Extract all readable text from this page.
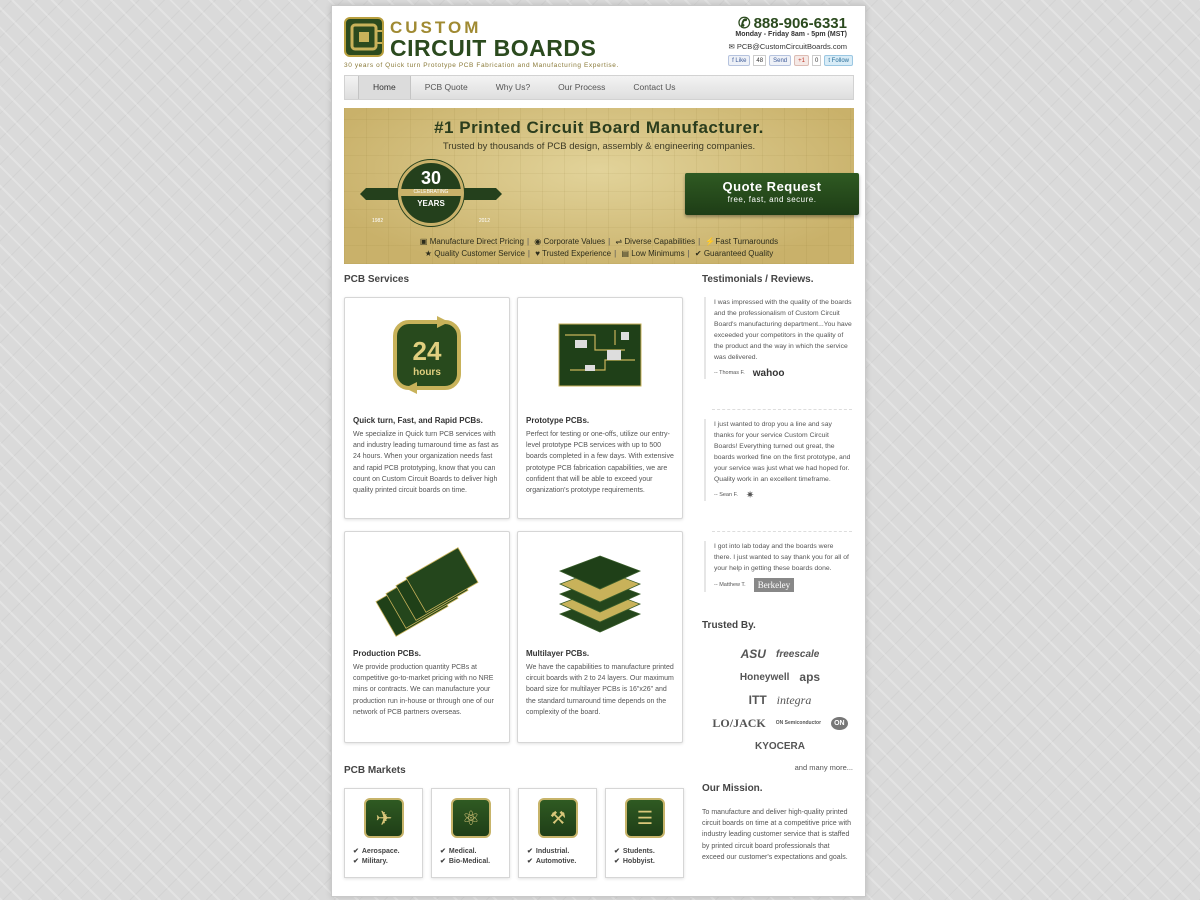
CUSTOM
CIRCUIT BOARDS
30 years of Quick turn Prototype PCB Fabrication and Manufacturing Expertise.
✆ 888-906-6331
Monday - Friday 8am - 5pm (MST)
✉ PCB@CustomCircuitBoards.com
f Like	48	Send	+1	0	t Follow
Home	PCB Quote	Why Us?	Our Process	Contact Us
#1 Printed Circuit Board Manufacturer.
Trusted by thousands of PCB design, assembly & engineering companies.
1982	2012
30
CELEBRATING
YEARS
Quote Request
free, fast, and secure.
▣ Manufacture Direct Pricing | ◉ Corporate Values | ⇌ Diverse Capabilities | ⚡Fast Turnarounds
★ Quality Customer Service | ♥ Trusted Experience | ▤ Low Minimums | ✔ Guaranteed Quality
PCB Services
24
hours
Quick turn, Fast, and Rapid PCBs.
We specialize in Quick turn PCB services with and industry leading turnaround time as fast as 24 hours. When your organization needs fast and rapid PCB prototyping, know that you can count on Custom Circuit Boards to deliver high quality printed circuit boards on time.
Prototype PCBs.
Perfect for testing or one-offs, utilize our entry-level prototype PCB services with up to 500 boards completed in a few days. With extensive prototype PCB fabrication capabilities, we are confident that will be able to exceed your organization's prototype requirements.
Production PCBs.
We provide production quantity PCBs at competitive go-to-market pricing with no NRE mins or contracts. We can manufacture your production run in-house or through one of our network of PCB partners overseas.
Multilayer PCBs.
We have the capabilities to manufacture printed circuit boards with 2 to 24 layers. Our maximum board size for multilayer PCBs is 16"x26" and the standard turnaround time depends on the complexity of the board.
PCB Markets
✈
✔ Aerospace.
✔ Military.
⚛
✔ Medical.
✔ Bio-Medical.
⚒
✔ Industrial.
✔ Automotive.
☰
✔ Students.
✔ Hobbyist.
Testimonials / Reviews.
I was impressed with the quality of the boards and the professionalism of Custom Circuit Board's manufacturing department...You have exceeded your competitors in the quality of the product and the way in which the service was delivered.
-- Thomas F. wahoo
I just wanted to drop you a line and say thanks for your service Custom Circuit Boards! Everything turned out great, the boards worked fine on the first prototype, and your service was just what we had hoped for. Quality work in an excellent timeframe.
-- Sean F. ✷
I got into lab today and the boards were there. I just wanted to say thank you for all of your help in getting these boards done.
-- Matthew T.	Berkeley
Trusted By.
ASU freescale
Honeywell aps
ITT integra
LO/JACK ON Semiconductor	ON
KYOCERA
and many more...
Our Mission.
To manufacture and deliver high-quality printed circuit boards on time at a competitive price with industry leading customer service that is staffed by printed circuit board professionals that exceed our customer's expectations and goals.
